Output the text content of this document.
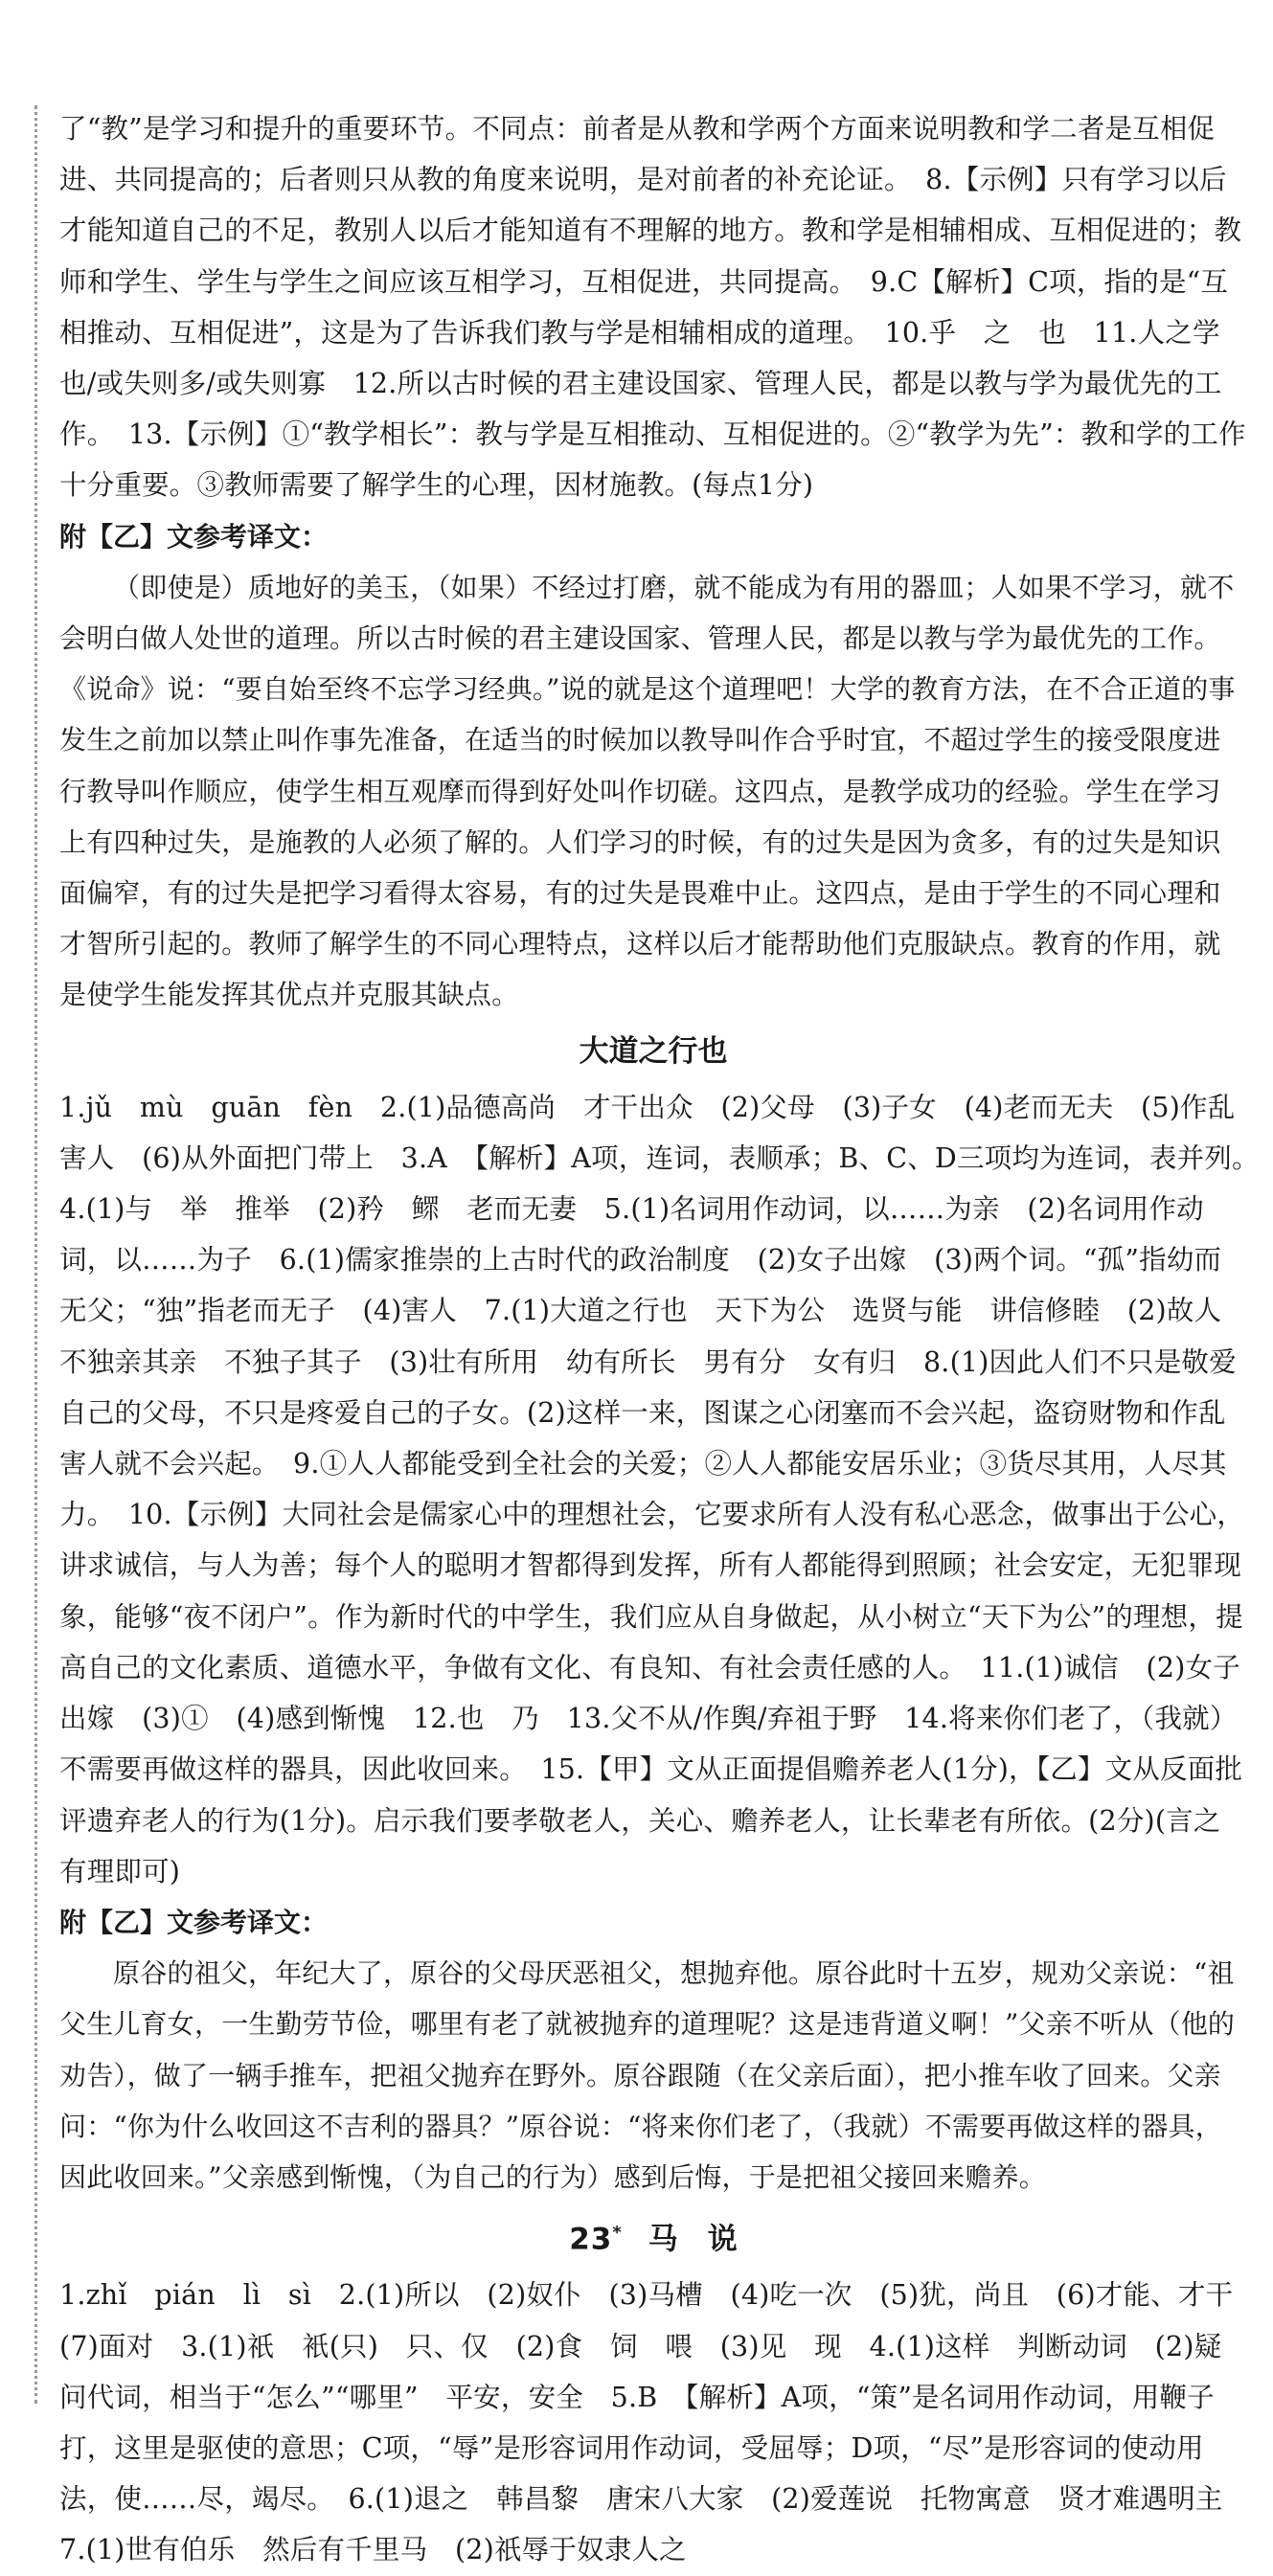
了“教”是学习和提升的重要环节。不同点：前者是从教和学两个方面来说明教和学二者是互相促进、共同提高的；后者则只从教的角度来说明，是对前者的补充论证。　8.【示例】只有学习以后才能知道自己的不足，教别人以后才能知道有不理解的地方。教和学是相辅相成、互相促进的；教师和学生、学生与学生之间应该互相学习，互相促进，共同提高。　9.C【解析】C项，指的是“互相推动、互相促进”，这是为了告诉我们教与学是相辅相成的道理。　10.乎　之　也　11.人之学也/或失则多/或失则寡　12.所以古时候的君主建设国家、管理人民，都是以教与学为最优先的工作。　13.【示例】①“教学相长”：教与学是互相推动、互相促进的。②“教学为先”：教和学的工作十分重要。③教师需要了解学生的心理，因材施教。(每点1分)

附【乙】文参考译文：

（即使是）质地好的美玉，（如果）不经过打磨，就不能成为有用的器皿；人如果不学习，就不会明白做人处世的道理。所以古时候的君主建设国家、管理人民，都是以教与学为最优先的工作。《说命》说：“要自始至终不忘学习经典。”说的就是这个道理吧！大学的教育方法，在不合正道的事发生之前加以禁止叫作事先准备，在适当的时候加以教导叫作合乎时宜，不超过学生的接受限度进行教导叫作顺应，使学生相互观摩而得到好处叫作切磋。这四点，是教学成功的经验。学生在学习上有四种过失，是施教的人必须了解的。人们学习的时候，有的过失是因为贪多，有的过失是知识面偏窄，有的过失是把学习看得太容易，有的过失是畏难中止。这四点，是由于学生的不同心理和才智所引起的。教师了解学生的不同心理特点，这样以后才能帮助他们克服缺点。教育的作用，就是使学生能发挥其优点并克服其缺点。

大道之行也

1.jǔ　mù　guān　fèn　2.(1)品德高尚　才干出众　(2)父母　(3)子女　(4)老而无夫　(5)作乱害人　(6)从外面把门带上　3.A　【解析】A项，连词，表顺承；B、C、D三项均为连词，表并列。　4.(1)与　举　推举　(2)矜　鳏　老而无妻　5.(1)名词用作动词，以……为亲　(2)名词用作动词，以……为子　6.(1)儒家推崇的上古时代的政治制度　(2)女子出嫁　(3)两个词。“孤”指幼而无父；“独”指老而无子　(4)害人　7.(1)大道之行也　天下为公　选贤与能　讲信修睦　(2)故人不独亲其亲　不独子其子　(3)壮有所用　幼有所长　男有分　女有归　8.(1)因此人们不只是敬爱自己的父母，不只是疼爱自己的子女。(2)这样一来，图谋之心闭塞而不会兴起，盗窃财物和作乱害人就不会兴起。　9.①人人都能受到全社会的关爱；②人人都能安居乐业；③货尽其用，人尽其力。　10.【示例】大同社会是儒家心中的理想社会，它要求所有人没有私心恶念，做事出于公心，讲求诚信，与人为善；每个人的聪明才智都得到发挥，所有人都能得到照顾；社会安定，无犯罪现象，能够“夜不闭户”。作为新时代的中学生，我们应从自身做起，从小树立“天下为公”的理想，提高自己的文化素质、道德水平，争做有文化、有良知、有社会责任感的人。　11.(1)诚信　(2)女子出嫁　(3)①　(4)感到惭愧　12.也　乃　13.父不从/作舆/弃祖于野　14.将来你们老了，（我就）不需要再做这样的器具，因此收回来。　15.【甲】文从正面提倡赡养老人(1分)，【乙】文从反面批评遗弃老人的行为(1分)。启示我们要孝敬老人，关心、赡养老人，让长辈老有所依。(2分)(言之有理即可)

附【乙】文参考译文：

原谷的祖父，年纪大了，原谷的父母厌恶祖父，想抛弃他。原谷此时十五岁，规劝父亲说：“祖父生儿育女，一生勤劳节俭，哪里有老了就被抛弃的道理呢？这是违背道义啊！”父亲不听从（他的劝告），做了一辆手推车，把祖父抛弃在野外。原谷跟随（在父亲后面），把小推车收了回来。父亲问：“你为什么收回这不吉利的器具？”原谷说：“将来你们老了，（我就）不需要再做这样的器具，因此收回来。”父亲感到惭愧，（为自己的行为）感到后悔，于是把祖父接回来赡养。

23* 马　说

1.zhǐ　pián　lì　sì　2.(1)所以　(2)奴仆　(3)马槽　(4)吃一次　(5)犹，尚且　(6)才能、才干　(7)面对　3.(1)祇　衹(只)　只、仅　(2)食　饲　喂　(3)见　现　4.(1)这样　判断动词　(2)疑问代词，相当于“怎么”“哪里”　平安，安全　5.B　【解析】A项，“策”是名词用作动词，用鞭子打，这里是驱使的意思；C项，“辱”是形容词用作动词，受屈辱；D项，“尽”是形容词的使动用法，使……尽，竭尽。　6.(1)退之　韩昌黎　唐宋八大家　(2)爱莲说　托物寓意　贤才难遇明主　7.(1)世有伯乐　然后有千里马　(2)祇辱于奴隶人之
